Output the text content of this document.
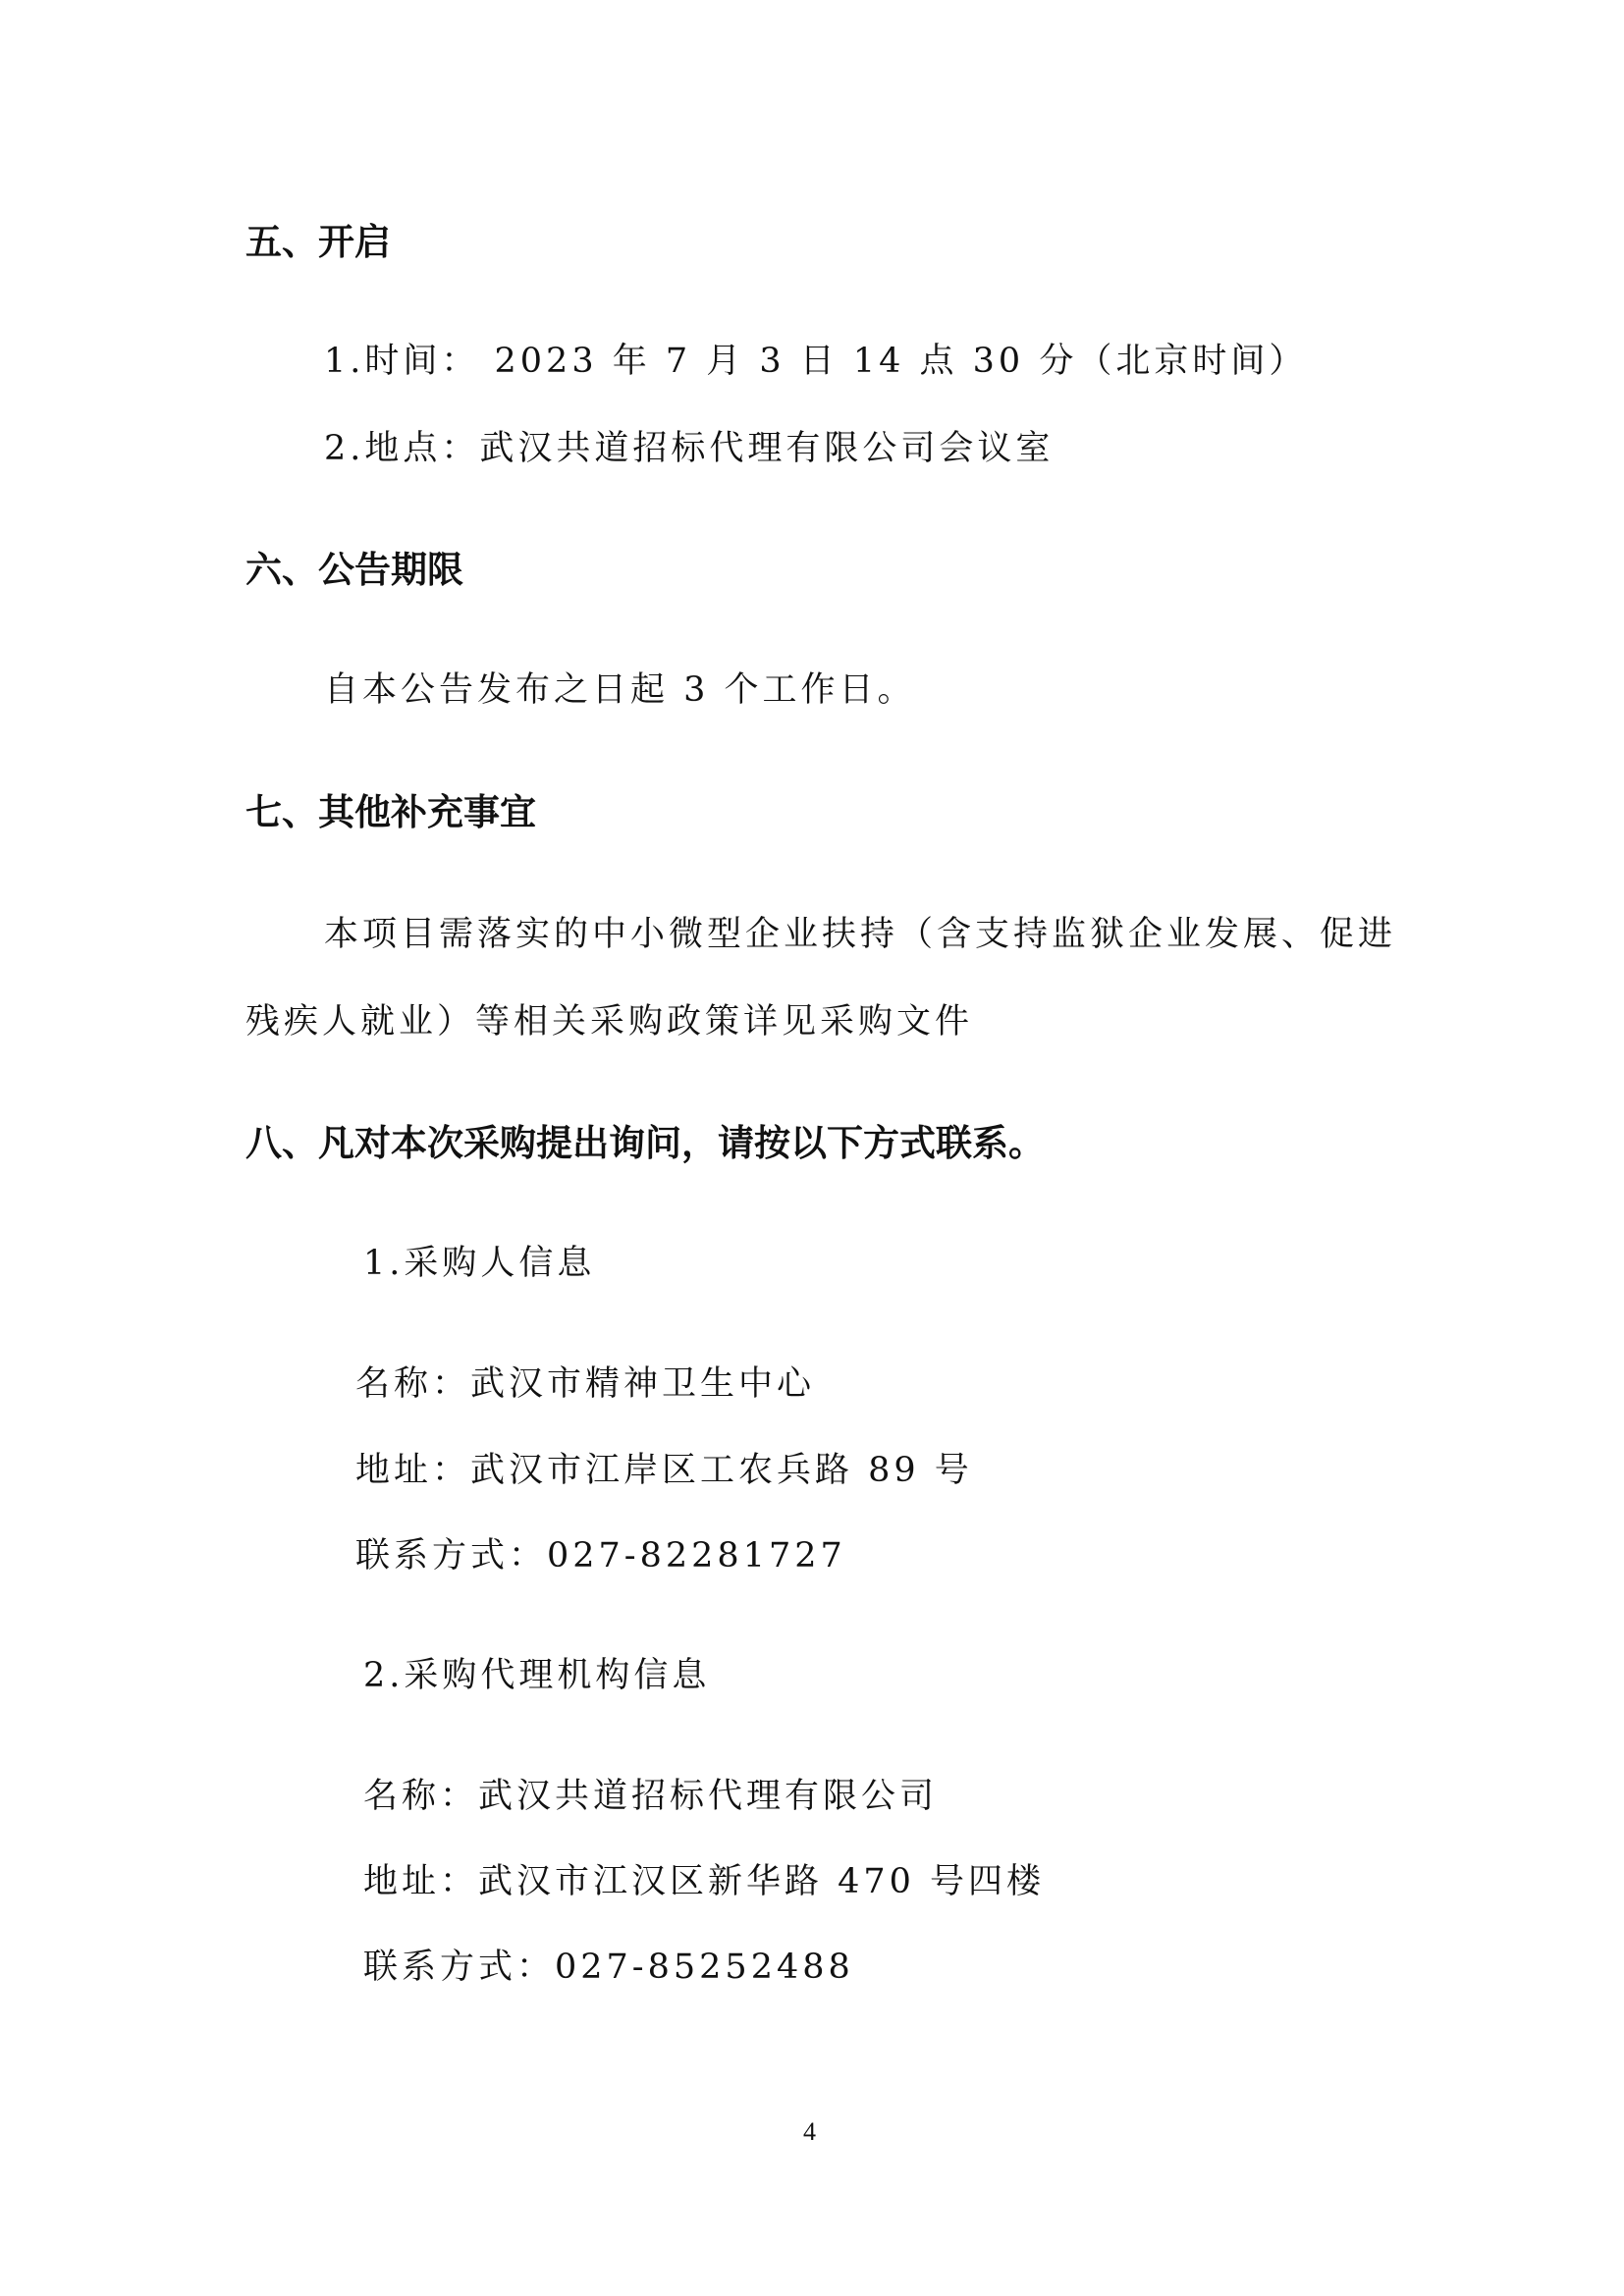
五、开启
1.时间： 2023 年 7 月 3 日 14 点 30 分（北京时间）
2.地点：武汉共道招标代理有限公司会议室
六、公告期限
自本公告发布之日起 3 个工作日。
七、其他补充事宜
本项目需落实的中小微型企业扶持（含支持监狱企业发展、促进
残疾人就业）等相关采购政策详见采购文件
八、凡对本次采购提出询问，请按以下方式联系。
1.采购人信息
名称：武汉市精神卫生中心
地址：武汉市江岸区工农兵路 89 号
联系方式：027-82281727
2.采购代理机构信息
名称：武汉共道招标代理有限公司
地址：武汉市江汉区新华路 470 号四楼
联系方式：027-85252488
4
